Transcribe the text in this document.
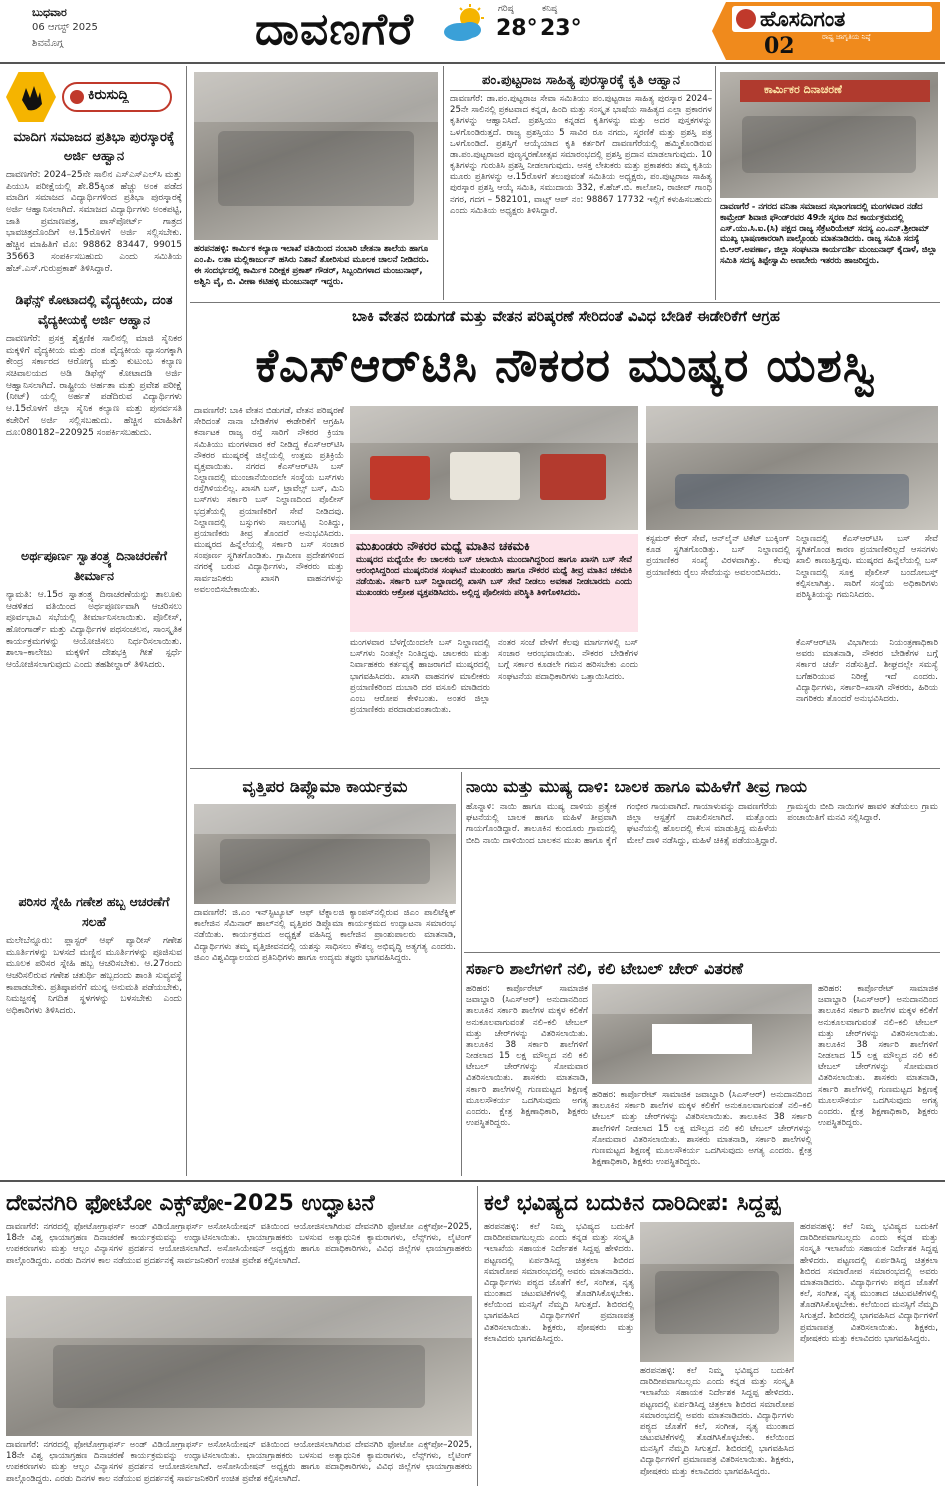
ಬುಧವಾರ
06 ಆಗಸ್ಟ್ 2025
ಶಿವಮೊಗ್ಗ	ದಾವಣಗೆರೆ	ಗರಿಷ್ಠ
28°
ಕನಿಷ್ಠ
23°	ಹೊಸದಿಗಂತ
ರಾಷ್ಟ್ರ ಜಾಗೃತಿಯ ನಿಷ್ಠೆ
02
ಕಿರುಸುದ್ದಿ
ಮಾದಿಗ ಸಮಾಜದ ಪ್ರತಿಭಾ ಪುರಸ್ಕಾರಕ್ಕೆ ಅರ್ಜಿ ಆಹ್ವಾನ
ದಾವಣಗೆರೆ: 2024–25ನೇ ಸಾಲಿನ ಎಸ್ಎಸ್ಎಲ್‌ಸಿ ಮತ್ತು ಪಿಯುಸಿ ಪರೀಕ್ಷೆಯಲ್ಲಿ ಶೇ.85ಕ್ಕಿಂತ ಹೆಚ್ಚು ಅಂಕ ಪಡೆದ ಮಾದಿಗ ಸಮಾಜದ ವಿದ್ಯಾರ್ಥಿಗಳಿಂದ ಪ್ರತಿಭಾ ಪುರಸ್ಕಾರಕ್ಕೆ ಅರ್ಜಿ ಆಹ್ವಾನಿಸಲಾಗಿದೆ. ಸಮಾಜದ ವಿದ್ಯಾರ್ಥಿಗಳು ಅಂಕಪಟ್ಟಿ, ಜಾತಿ ಪ್ರಮಾಣಪತ್ರ, ಪಾಸ್‌ಪೋರ್ಟ್ ಗಾತ್ರದ ಭಾವಚಿತ್ರದೊಂದಿಗೆ ಆ.15ರೊಳಗೆ ಅರ್ಜಿ ಸಲ್ಲಿಸಬೇಕು. ಹೆಚ್ಚಿನ ಮಾಹಿತಿಗೆ ಮೊ: 98862 83447, 99015 35663 ಸಂಪರ್ಕಿಸಬಹುದು ಎಂದು ಸಮಿತಿಯ ಹೆಚ್.ಎಸ್.ಗುರುಪ್ರಕಾಶ್ ತಿಳಿಸಿದ್ದಾರೆ.
ಡಿಫೆನ್ಸ್ ಕೋಟಾದಲ್ಲಿ ವೈದ್ಯಕೀಯ, ದಂತ ವೈದ್ಯಕೀಯಕ್ಕೆ ಅರ್ಜಿ ಆಹ್ವಾನ
ದಾವಣಗೆರೆ: ಪ್ರಸಕ್ತ ಶೈಕ್ಷಣಿಕ ಸಾಲಿನಲ್ಲಿ ಮಾಜಿ ಸೈನಿಕರ ಮಕ್ಕಳಿಗೆ ವೈದ್ಯಕೀಯ ಮತ್ತು ದಂತ ವೈದ್ಯಕೀಯ ವ್ಯಾಸಂಗಕ್ಕಾಗಿ ಕೇಂದ್ರ ಸರ್ಕಾರದ ಆರೋಗ್ಯ ಮತ್ತು ಕುಟುಂಬ ಕಲ್ಯಾಣ ಸಚಿವಾಲಯದ ಅಡಿ ಡಿಫೆನ್ಸ್ ಕೋಟಾದಡಿ ಅರ್ಜಿ ಆಹ್ವಾನಿಸಲಾಗಿದೆ. ರಾಷ್ಟ್ರೀಯ ಅರ್ಹತಾ ಮತ್ತು ಪ್ರವೇಶ ಪರೀಕ್ಷೆ (ನೀಟ್) ಯಲ್ಲಿ ಅರ್ಹತೆ ಪಡೆದಿರುವ ವಿದ್ಯಾರ್ಥಿಗಳು ಆ.15ರೊಳಗೆ ಜಿಲ್ಲಾ ಸೈನಿಕ ಕಲ್ಯಾಣ ಮತ್ತು ಪುನರ್ವಸತಿ ಕಚೇರಿಗೆ ಅರ್ಜಿ ಸಲ್ಲಿಸಬಹುದು. ಹೆಚ್ಚಿನ ಮಾಹಿತಿಗೆ ದೂ:080182–220925 ಸಂಪರ್ಕಿಸಬಹುದು.
ಅರ್ಥಪೂರ್ಣ ಸ್ವಾತಂತ್ರ್ಯ ದಿನಾಚರಣೆಗೆ ತೀರ್ಮಾನ
ನ್ಯಾಮತಿ: ಆ.15ರ ಸ್ವಾತಂತ್ರ್ಯ ದಿನಾಚರಣೆಯನ್ನು ತಾಲೂಕು ಆಡಳಿತದ ವತಿಯಿಂದ ಅರ್ಥಪೂರ್ಣವಾಗಿ ಆಚರಿಸಲು ಪೂರ್ವಭಾವಿ ಸಭೆಯಲ್ಲಿ ತೀರ್ಮಾನಿಸಲಾಯಿತು. ಪೊಲೀಸ್, ಹೋಂಗಾರ್ಡ್ ಮತ್ತು ವಿದ್ಯಾರ್ಥಿಗಳ ಪಥಸಂಚಲನ, ಸಾಂಸ್ಕೃತಿಕ ಕಾರ್ಯಕ್ರಮಗಳನ್ನು ಆಯೋಜಿಸಲು ನಿರ್ಧರಿಸಲಾಯಿತು. ಶಾಲಾ–ಕಾಲೇಜು ಮಕ್ಕಳಿಗೆ ದೇಶಭಕ್ತಿ ಗೀತೆ ಸ್ಪರ್ಧೆ ಆಯೋಜಿಸಲಾಗುವುದು ಎಂದು ತಹಶೀಲ್ದಾರ್ ತಿಳಿಸಿದರು.
ಪರಿಸರ ಸ್ನೇಹಿ ಗಣೇಶ ಹಬ್ಬ ಆಚರಣೆಗೆ ಸಲಹೆ
ಮಲೇಬೆನ್ನೂರು: ಪ್ಲಾಸ್ಟರ್ ಆಫ್ ಪ್ಯಾರೀಸ್ ಗಣೇಶ ಮೂರ್ತಿಗಳನ್ನು ಬಳಸದೆ ಮಣ್ಣಿನ ಮೂರ್ತಿಗಳನ್ನು ಪೂಜಿಸುವ ಮೂಲಕ ಪರಿಸರ ಸ್ನೇಹಿ ಹಬ್ಬ ಆಚರಿಸಬೇಕು. ಆ.27ರಂದು ಆಚರಿಸಲಿರುವ ಗಣೇಶ ಚತುರ್ಥಿ ಹಬ್ಬದಂದು ಶಾಂತಿ ಸುವ್ಯವಸ್ಥೆ ಕಾಪಾಡಬೇಕು. ಪ್ರತಿಷ್ಠಾಪನೆಗೆ ಮುನ್ನ ಅನುಮತಿ ಪಡೆಯಬೇಕು, ನಿಮಜ್ಜನಕ್ಕೆ ನಿಗದಿತ ಸ್ಥಳಗಳನ್ನು ಬಳಸಬೇಕು ಎಂದು ಅಧಿಕಾರಿಗಳು ತಿಳಿಸಿದರು.
ಹರಪನಹಳ್ಳಿ: ಕಾರ್ಮಿಕ ಕಲ್ಯಾಣ ಇಲಾಖೆ ವತಿಯಿಂದ ನಂಬಾರಿ ಚೇತನಾ ಶಾಲೆಯ ಹಾಗೂ ಎಂ.ಪಿ. ಲತಾ ಮಲ್ಲಿಕಾರ್ಜುನ್ ಹಸಿರು ನಿಶಾನೆ ತೋರಿಸುವ ಮೂಲಕ ಚಾಲನೆ ನೀಡಿದರು. ಈ ಸಂದರ್ಭದಲ್ಲಿ ಕಾರ್ಮಿಕ ನಿರೀಕ್ಷಕ ಪ್ರಕಾಶ್ ಗೌಡರ್, ಸಿಬ್ಬಂದಿಗಳಾದ ಮಂಜುನಾಥ್, ಅಶ್ವಿನಿ ವೈ, ಬಿ. ವೀಣಾ ಕಟಿಹಳ್ಳಿ ಮಂಜುನಾಥ್ ಇದ್ದರು.
ಪಂ.ಪುಟ್ಟರಾಜ ಸಾಹಿತ್ಯ ಪುರಸ್ಕಾರಕ್ಕೆ ಕೃತಿ ಆಹ್ವಾನ
ದಾವಣಗೆರೆ: ಡಾ.ಪಂ.ಪುಟ್ಟರಾಜ ಸೇವಾ ಸಮಿತಿಯು ಪಂ.ಪುಟ್ಟರಾಜ ಸಾಹಿತ್ಯ ಪುರಸ್ಕಾರ 2024–25ನೇ ಸಾಲಿನಲ್ಲಿ ಪ್ರಕಟವಾದ ಕನ್ನಡ, ಹಿಂದಿ ಮತ್ತು ಸಂಸ್ಕೃತ ಭಾಷೆಯ ಸಾಹಿತ್ಯದ ಎಲ್ಲಾ ಪ್ರಕಾರಗಳ ಕೃತಿಗಳನ್ನು ಆಹ್ವಾನಿಸಿದೆ. ಪ್ರಶಸ್ತಿಯು ಕನ್ನಡದ ಕೃತಿಗಳನ್ನು ಮತ್ತು ಅದರ ಪುಸ್ತಕಗಳನ್ನು ಒಳಗೊಂಡಿರುತ್ತದೆ. ರಾಜ್ಯ ಪ್ರಶಸ್ತಿಯು 5 ಸಾವಿರ ರೂ ನಗದು, ಸ್ಮರಣಿಕೆ ಮತ್ತು ಪ್ರಶಸ್ತಿ ಪತ್ರ ಒಳಗೊಂಡಿದೆ. ಪ್ರಶಸ್ತಿಗೆ ಆಯ್ಕೆಯಾದ ಕೃತಿ ಕರ್ತರಿಗೆ ದಾವಣಗೆರೆಯಲ್ಲಿ ಹಮ್ಮಿಕೊಂಡಿರುವ ಡಾ.ಪಂ.ಪುಟ್ಟರಾಜರ ಪುಣ್ಯಸ್ಮರಣೋತ್ಸವ ಸಮಾರಂಭದಲ್ಲಿ ಪ್ರಶಸ್ತಿ ಪ್ರದಾನ ಮಾಡಲಾಗುವುದು. 10 ಕೃತಿಗಳನ್ನು ಗುರುತಿಸಿ ಪ್ರಶಸ್ತಿ ನೀಡಲಾಗುವುದು. ಆಸಕ್ತ ಲೇಖಕರು ಮತ್ತು ಪ್ರಕಾಶಕರು ತಮ್ಮ ಕೃತಿಯ ಮೂರು ಪ್ರತಿಗಳನ್ನು ಆ.15ರೊಳಗೆ ತಲುಪುವಂತೆ ಸಮಿತಿಯ ಅಧ್ಯಕ್ಷರು, ಪಂ.ಪುಟ್ಟರಾಜ ಸಾಹಿತ್ಯ ಪುರಸ್ಕಾರ ಪ್ರಶಸ್ತಿ ಆಯ್ಕೆ ಸಮಿತಿ, ಸಮುದಾಯ 332, ಕೆ.ಹೆಚ್.ಬಿ. ಕಾಲೋನಿ, ರಾಜೀವ್ ಗಾಂಧಿ ನಗರ, ಗದಗ – 582101, ವಾಟ್ಸ್ ಆಪ್ ನಂ: 98867 17732 ಇಲ್ಲಿಗೆ ಕಳುಹಿಸಬಹುದು ಎಂದು ಸಮಿತಿಯ ಅಧ್ಯಕ್ಷರು ತಿಳಿಸಿದ್ದಾರೆ.
ಕಾರ್ಮಿಕರ ದಿನಾಚರಣೆ
ದಾವಣಗೆರೆ - ನಗರದ ವನಿತಾ ಸಮಾಜದ ಸಭಾಂಗಣದಲ್ಲಿ ಮಂಗಳವಾರ ನಡೆದ ಕಾಮ್ರೇಡ್ ಶಿವಾಜಿ ಫೌಂಡ್‌ರವರ 49ನೇ ಸ್ಮರಣ ದಿನ ಕಾರ್ಯಕ್ರಮದಲ್ಲಿ ಎಸ್.ಯು.ಸಿ.ಐ.(ಸಿ) ಪಕ್ಷದ ರಾಜ್ಯ ಸೆಕ್ರೆಟರಿಯೇಟ್ ಸದಸ್ಯ ಎಂ.ಎನ್.ಶ್ರೀರಾಮ್ ಮುಖ್ಯ ಭಾಷಣಕಾರರಾಗಿ ಪಾಲ್ಗೊಂಡು ಮಾತನಾಡಿದರು. ರಾಜ್ಯ ಸಮಿತಿ ಸದಸ್ಯೆ ಬಿ.ಆರ್.ಅಪರ್ಣಾ, ಜಿಲ್ಲಾ ಸಂಘಟನಾ ಕಾರ್ಯದರ್ಶಿ ಮಂಜುನಾಥ್ ಕೈದಾಳೆ, ಜಿಲ್ಲಾ ಸಮಿತಿ ಸದಸ್ಯ ತಿಪ್ಪೇಸ್ವಾಮಿ ಅಣಬೇರು ಇತರರು ಹಾಜರಿದ್ದರು.
ಬಾಕಿ ವೇತನ ಬಿಡುಗಡೆ ಮತ್ತು ವೇತನ ಪರಿಷ್ಕರಣೆ ಸೇರಿದಂತೆ ವಿವಿಧ ಬೇಡಿಕೆ ಈಡೇರಿಕೆಗೆ ಆಗ್ರಹ
ಕೆಎಸ್ಆರ್‌ಟಿಸಿ ನೌಕರರ ಮುಷ್ಕರ ಯಶಸ್ವಿ
ದಾವಣಗೆರೆ: ಬಾಕಿ ವೇತನ ಬಿಡುಗಡೆ, ವೇತನ ಪರಿಷ್ಕರಣೆ ಸೇರಿದಂತೆ ನಾನಾ ಬೇಡಿಕೆಗಳ ಈಡೇರಿಕೆಗೆ ಆಗ್ರಹಿಸಿ ಕರ್ನಾಟಕ ರಾಜ್ಯ ರಸ್ತೆ ಸಾರಿಗೆ ನೌಕರರ ಕ್ರಿಯಾ ಸಮಿತಿಯು ಮಂಗಳವಾರ ಕರೆ ನೀಡಿದ್ದ ಕೆಎಸ್ಆರ್‌ಟಿಸಿ ನೌಕರರ ಮುಷ್ಕರಕ್ಕೆ ಜಿಲ್ಲೆಯಲ್ಲಿ ಉತ್ತಮ ಪ್ರತಿಕ್ರಿಯೆ ವ್ಯಕ್ತವಾಯಿತು. ನಗರದ ಕೆಎಸ್ಆರ್‌ಟಿಸಿ ಬಸ್ ನಿಲ್ದಾಣದಲ್ಲಿ ಮುಂಜಾನೆಯಿಂದಲೇ ಸಂಸ್ಥೆಯ ಬಸ್‌ಗಳು ರಸ್ತೆಗಿಳಿಯಲಿಲ್ಲ. ಖಾಸಗಿ ಬಸ್, ಟ್ರಾವೆಲ್ಸ್ ಬಸ್, ಮಿನಿ ಬಸ್‌ಗಳು ಸರ್ಕಾರಿ ಬಸ್ ನಿಲ್ದಾಣದಿಂದ ಪೊಲೀಸ್ ಭದ್ರತೆಯಲ್ಲಿ ಪ್ರಯಾಣಿಕರಿಗೆ ಸೇವೆ ನೀಡಿದವು. ನಿಲ್ದಾಣದಲ್ಲಿ ಬಸ್ಸುಗಳು ಸಾಲುಗಟ್ಟಿ ನಿಂತಿದ್ದು, ಪ್ರಯಾಣಿಕರು ತೀವ್ರ ತೊಂದರೆ ಅನುಭವಿಸಿದರು. ಮುಷ್ಕರದ ಹಿನ್ನೆಲೆಯಲ್ಲಿ ಸರ್ಕಾರಿ ಬಸ್ ಸಂಚಾರ ಸಂಪೂರ್ಣ ಸ್ಥಗಿತಗೊಂಡಿತು. ಗ್ರಾಮೀಣ ಪ್ರದೇಶಗಳಿಂದ ನಗರಕ್ಕೆ ಬರುವ ವಿದ್ಯಾರ್ಥಿಗಳು, ನೌಕರರು ಮತ್ತು ಸಾರ್ವಜನಿಕರು ಖಾಸಗಿ ವಾಹನಗಳನ್ನು ಅವಲಂಬಿಸಬೇಕಾಯಿತು.
ಮುಖಂಡರು ನೌಕರರ ಮಧ್ಯೆ ಮಾತಿನ ಚಕಮಕಿ
ಮುಷ್ಕರದ ಮಧ್ಯೆಯೇ ಕೆಲ ಚಾಲಕರು ಬಸ್ ಚಲಾಯಿಸಿ ಮುಂದಾಗಿದ್ದರಿಂದ ಹಾಗೂ ಖಾಸಗಿ ಬಸ್ ಸೇವೆ ಆರಂಭಿಸಿದ್ದರಿಂದ ಮುಷ್ಕರನಿರತ ಸಂಘಟನೆ ಮುಖಂಡರು ಹಾಗೂ ನೌಕರರ ಮಧ್ಯೆ ತೀವ್ರ ಮಾತಿನ ಚಕಮಕಿ ನಡೆಯಿತು. ಸರ್ಕಾರಿ ಬಸ್ ನಿಲ್ದಾಣದಲ್ಲಿ ಖಾಸಗಿ ಬಸ್ ಸೇವೆ ನೀಡಲು ಅವಕಾಶ ನೀಡಬಾರದು ಎಂದು ಮುಖಂಡರು ಆಕ್ರೋಶ ವ್ಯಕ್ತಪಡಿಸಿದರು. ಅಲ್ಲಿದ್ದ ಪೊಲೀಸರು ಪರಿಸ್ಥಿತಿ ತಿಳಿಗೊಳಿಸಿದರು.
ಮಂಗಳವಾರ ಬೆಳಗ್ಗೆಯಿಂದಲೇ ಬಸ್ ನಿಲ್ದಾಣದಲ್ಲಿ ಬಸ್‌ಗಳು ನಿಂತಲ್ಲೇ ನಿಂತಿದ್ದವು. ಚಾಲಕರು ಮತ್ತು ನಿರ್ವಾಹಕರು ಕರ್ತವ್ಯಕ್ಕೆ ಹಾಜರಾಗದೆ ಮುಷ್ಕರದಲ್ಲಿ ಭಾಗವಹಿಸಿದರು. ಖಾಸಗಿ ವಾಹನಗಳ ಮಾಲೀಕರು ಪ್ರಯಾಣಿಕರಿಂದ ದುಬಾರಿ ದರ ವಸೂಲಿ ಮಾಡಿದರು ಎಂಬ ಆರೋಪ ಕೇಳಿಬಂತು. ಅಂತರ ಜಿಲ್ಲಾ ಪ್ರಯಾಣಿಕರು ಪರದಾಡುವಂತಾಯಿತು.
ನಂತರ ಸಂಜೆ ವೇಳೆಗೆ ಕೆಲವು ಮಾರ್ಗಗಳಲ್ಲಿ ಬಸ್ ಸಂಚಾರ ಆರಂಭವಾಯಿತು. ನೌಕರರ ಬೇಡಿಕೆಗಳ ಬಗ್ಗೆ ಸರ್ಕಾರ ಕೂಡಲೇ ಗಮನ ಹರಿಸಬೇಕು ಎಂದು ಸಂಘಟನೆಯ ಪದಾಧಿಕಾರಿಗಳು ಒತ್ತಾಯಿಸಿದರು.
ಕಸ್ಟಮರ್ ಕೇರ್ ಸೇವೆ, ಆನ್‌ಲೈನ್ ಟಿಕೆಟ್ ಬುಕ್ಕಿಂಗ್ ಕೂಡ ಸ್ಥಗಿತಗೊಂಡಿತ್ತು. ಬಸ್ ನಿಲ್ದಾಣದಲ್ಲಿ ಪ್ರಯಾಣಿಕರ ಸಂಖ್ಯೆ ವಿರಳವಾಗಿತ್ತು. ಕೆಲವು ಪ್ರಯಾಣಿಕರು ರೈಲು ಸೇವೆಯನ್ನು ಅವಲಂಬಿಸಿದರು.
ನಿಲ್ದಾಣದಲ್ಲಿ ಕೆಎಸ್ಆರ್‌ಟಿಸಿ ಬಸ್ ಸೇವೆ ಸ್ಥಗಿತಗೊಂಡ ಕಾರಣ ಪ್ರಯಾಣಿಕರಿಲ್ಲದೆ ಆಸನಗಳು ಖಾಲಿ ಕಾಣುತ್ತಿದ್ದವು. ಮುಷ್ಕರದ ಹಿನ್ನೆಲೆಯಲ್ಲಿ ಬಸ್ ನಿಲ್ದಾಣದಲ್ಲಿ ಸೂಕ್ತ ಪೊಲೀಸ್ ಬಂದೋಬಸ್ತ್ ಕಲ್ಪಿಸಲಾಗಿತ್ತು. ಸಾರಿಗೆ ಸಂಸ್ಥೆಯ ಅಧಿಕಾರಿಗಳು ಪರಿಸ್ಥಿತಿಯನ್ನು ಗಮನಿಸಿದರು.
ಕೆಎಸ್ಆರ್‌ಟಿಸಿ ವಿಭಾಗೀಯ ನಿಯಂತ್ರಣಾಧಿಕಾರಿ ಅವರು ಮಾತನಾಡಿ, ನೌಕರರ ಬೇಡಿಕೆಗಳ ಬಗ್ಗೆ ಸರ್ಕಾರ ಚರ್ಚೆ ನಡೆಸುತ್ತಿದೆ. ಶೀಘ್ರದಲ್ಲೇ ಸಮಸ್ಯೆ ಬಗೆಹರಿಯುವ ನಿರೀಕ್ಷೆ ಇದೆ ಎಂದರು. ವಿದ್ಯಾರ್ಥಿಗಳು, ಸರ್ಕಾರಿ–ಖಾಸಗಿ ನೌಕರರು, ಹಿರಿಯ ನಾಗರಿಕರು ತೊಂದರೆ ಅನುಭವಿಸಿದರು.
ವೃತ್ತಿಪರ ಡಿಪ್ಲೊಮಾ ಕಾರ್ಯಕ್ರಮ
ದಾವಣಗೆರೆ: ಜಿ.ಎಂ ಇನ್‌ಸ್ಟಿಟ್ಯೂಟ್ ಆಫ್ ಟೆಕ್ನಾಲಜಿ ಕ್ಯಾಂಪಸ್‌ನಲ್ಲಿರುವ ಜಿಎಂ ಪಾಲಿಟೆಕ್ನಿಕ್ ಕಾಲೇಜಿನ ಸೆಮಿನಾರ್ ಹಾಲ್‌ನಲ್ಲಿ ವೃತ್ತಿಪರ ಡಿಪ್ಲೊಮಾ ಕಾರ್ಯಕ್ರಮದ ಉದ್ಘಾಟನಾ ಸಮಾರಂಭ ನಡೆಯಿತು. ಕಾರ್ಯಕ್ರಮದ ಅಧ್ಯಕ್ಷತೆ ವಹಿಸಿದ್ದ ಕಾಲೇಜಿನ ಪ್ರಾಂಶುಪಾಲರು ಮಾತನಾಡಿ, ವಿದ್ಯಾರ್ಥಿಗಳು ತಮ್ಮ ವೃತ್ತಿಜೀವನದಲ್ಲಿ ಯಶಸ್ಸು ಸಾಧಿಸಲು ಕೌಶಲ್ಯ ಅಭಿವೃದ್ಧಿ ಅತ್ಯಗತ್ಯ ಎಂದರು. ಜಿಎಂ ವಿಶ್ವವಿದ್ಯಾಲಯದ ಪ್ರತಿನಿಧಿಗಳು ಹಾಗೂ ಉದ್ಯಮ ತಜ್ಞರು ಭಾಗವಹಿಸಿದ್ದರು.
ನಾಯಿ ಮತ್ತು ಮುಷ್ಯ ದಾಳಿ: ಬಾಲಕ ಹಾಗೂ ಮಹಿಳೆಗೆ ತೀವ್ರ ಗಾಯ
ಹೊನ್ನಾಳಿ: ನಾಯಿ ಹಾಗೂ ಮುಷ್ಯ ದಾಳಿಯ ಪ್ರತ್ಯೇಕ ಘಟನೆಯಲ್ಲಿ ಬಾಲಕ ಹಾಗೂ ಮಹಿಳೆ ತೀವ್ರವಾಗಿ ಗಾಯಗೊಂಡಿದ್ದಾರೆ. ತಾಲೂಕಿನ ಕುಂದೂರು ಗ್ರಾಮದಲ್ಲಿ ಬೀದಿ ನಾಯಿ ದಾಳಿಯಿಂದ ಬಾಲಕನ ಮುಖ ಹಾಗೂ ಕೈಗೆ ಗಂಭೀರ ಗಾಯವಾಗಿದೆ. ಗಾಯಾಳುವನ್ನು ದಾವಣಗೆರೆಯ ಜಿಲ್ಲಾ ಆಸ್ಪತ್ರೆಗೆ ದಾಖಲಿಸಲಾಗಿದೆ. ಮತ್ತೊಂದು ಘಟನೆಯಲ್ಲಿ ಹೊಲದಲ್ಲಿ ಕೆಲಸ ಮಾಡುತ್ತಿದ್ದ ಮಹಿಳೆಯ ಮೇಲೆ ದಾಳಿ ನಡೆಸಿದ್ದು, ಮಹಿಳೆ ಚಿಕಿತ್ಸೆ ಪಡೆಯುತ್ತಿದ್ದಾರೆ. ಗ್ರಾಮಸ್ಥರು ಬೀದಿ ನಾಯಿಗಳ ಹಾವಳಿ ತಡೆಯಲು ಗ್ರಾಮ ಪಂಚಾಯಿತಿಗೆ ಮನವಿ ಸಲ್ಲಿಸಿದ್ದಾರೆ.
ಸರ್ಕಾರಿ ಶಾಲೆಗಳಿಗೆ ನಲಿ, ಕಲಿ ಟೇಬಲ್ ಚೇರ್ ವಿತರಣೆ
ಹರಿಹರ: ಕಾರ್ಪೊರೇಟ್ ಸಾಮಾಜಿಕ ಜವಾಬ್ದಾರಿ (ಸಿಎಸ್ಆರ್) ಅನುದಾನದಿಂದ ತಾಲೂಕಿನ ಸರ್ಕಾರಿ ಶಾಲೆಗಳ ಮಕ್ಕಳ ಕಲಿಕೆಗೆ ಅನುಕೂಲವಾಗುವಂತೆ ನಲಿ–ಕಲಿ ಟೇಬಲ್ ಮತ್ತು ಚೇರ್‌ಗಳನ್ನು ವಿತರಿಸಲಾಯಿತು. ತಾಲೂಕಿನ 38 ಸರ್ಕಾರಿ ಶಾಲೆಗಳಿಗೆ ನೀಡಲಾದ 15 ಲಕ್ಷ ಮೌಲ್ಯದ ನಲಿ ಕಲಿ ಟೇಬಲ್ ಚೇರ್‌ಗಳನ್ನು ಸೋಮವಾರ ವಿತರಿಸಲಾಯಿತು. ಶಾಸಕರು ಮಾತನಾಡಿ, ಸರ್ಕಾರಿ ಶಾಲೆಗಳಲ್ಲಿ ಗುಣಮಟ್ಟದ ಶಿಕ್ಷಣಕ್ಕೆ ಮೂಲಸೌಕರ್ಯ ಒದಗಿಸುವುದು ಅಗತ್ಯ ಎಂದರು. ಕ್ಷೇತ್ರ ಶಿಕ್ಷಣಾಧಿಕಾರಿ, ಶಿಕ್ಷಕರು ಉಪಸ್ಥಿತರಿದ್ದರು.
ಹರಿಹರ: ಕಾರ್ಪೊರೇಟ್ ಸಾಮಾಜಿಕ ಜವಾಬ್ದಾರಿ (ಸಿಎಸ್ಆರ್) ಅನುದಾನದಿಂದ ತಾಲೂಕಿನ ಸರ್ಕಾರಿ ಶಾಲೆಗಳ ಮಕ್ಕಳ ಕಲಿಕೆಗೆ ಅನುಕೂಲವಾಗುವಂತೆ ನಲಿ–ಕಲಿ ಟೇಬಲ್ ಮತ್ತು ಚೇರ್‌ಗಳನ್ನು ವಿತರಿಸಲಾಯಿತು. ತಾಲೂಕಿನ 38 ಸರ್ಕಾರಿ ಶಾಲೆಗಳಿಗೆ ನೀಡಲಾದ 15 ಲಕ್ಷ ಮೌಲ್ಯದ ನಲಿ ಕಲಿ ಟೇಬಲ್ ಚೇರ್‌ಗಳನ್ನು ಸೋಮವಾರ ವಿತರಿಸಲಾಯಿತು. ಶಾಸಕರು ಮಾತನಾಡಿ, ಸರ್ಕಾರಿ ಶಾಲೆಗಳಲ್ಲಿ ಗುಣಮಟ್ಟದ ಶಿಕ್ಷಣಕ್ಕೆ ಮೂಲಸೌಕರ್ಯ ಒದಗಿಸುವುದು ಅಗತ್ಯ ಎಂದರು. ಕ್ಷೇತ್ರ ಶಿಕ್ಷಣಾಧಿಕಾರಿ, ಶಿಕ್ಷಕರು ಉಪಸ್ಥಿತರಿದ್ದರು.
ಹರಿಹರ: ಕಾರ್ಪೊರೇಟ್ ಸಾಮಾಜಿಕ ಜವಾಬ್ದಾರಿ (ಸಿಎಸ್ಆರ್) ಅನುದಾನದಿಂದ ತಾಲೂಕಿನ ಸರ್ಕಾರಿ ಶಾಲೆಗಳ ಮಕ್ಕಳ ಕಲಿಕೆಗೆ ಅನುಕೂಲವಾಗುವಂತೆ ನಲಿ–ಕಲಿ ಟೇಬಲ್ ಮತ್ತು ಚೇರ್‌ಗಳನ್ನು ವಿತರಿಸಲಾಯಿತು. ತಾಲೂಕಿನ 38 ಸರ್ಕಾರಿ ಶಾಲೆಗಳಿಗೆ ನೀಡಲಾದ 15 ಲಕ್ಷ ಮೌಲ್ಯದ ನಲಿ ಕಲಿ ಟೇಬಲ್ ಚೇರ್‌ಗಳನ್ನು ಸೋಮವಾರ ವಿತರಿಸಲಾಯಿತು. ಶಾಸಕರು ಮಾತನಾಡಿ, ಸರ್ಕಾರಿ ಶಾಲೆಗಳಲ್ಲಿ ಗುಣಮಟ್ಟದ ಶಿಕ್ಷಣಕ್ಕೆ ಮೂಲಸೌಕರ್ಯ ಒದಗಿಸುವುದು ಅಗತ್ಯ ಎಂದರು. ಕ್ಷೇತ್ರ ಶಿಕ್ಷಣಾಧಿಕಾರಿ, ಶಿಕ್ಷಕರು ಉಪಸ್ಥಿತರಿದ್ದರು.
ದೇವನಗಿರಿ ಫೋಟೋ ಎಕ್ಸ್‌ಪೋ-2025 ಉದ್ಘಾಟನೆ
ದಾವಣಗೆರೆ: ನಗರದಲ್ಲಿ ಫೋಟೋಗ್ರಾಫರ್ಸ್ ಅಂಡ್ ವಿಡಿಯೋಗ್ರಾಫರ್ಸ್ ಅಸೋಸಿಯೇಷನ್ ವತಿಯಿಂದ ಆಯೋಜಿಸಲಾಗಿರುವ ದೇವನಗಿರಿ ಫೋಟೋ ಎಕ್ಸ್‌ಪೋ–2025, 18ನೇ ವಿಶ್ವ ಛಾಯಾಗ್ರಹಣ ದಿನಾಚರಣೆ ಕಾರ್ಯಕ್ರಮವನ್ನು ಉದ್ಘಾಟಿಸಲಾಯಿತು. ಛಾಯಾಗ್ರಾಹಕರು ಬಳಸುವ ಅತ್ಯಾಧುನಿಕ ಕ್ಯಾಮರಾಗಳು, ಲೆನ್ಸ್‌ಗಳು, ಲೈಟಿಂಗ್ ಉಪಕರಣಗಳು ಮತ್ತು ಆಲ್ಬಂ ವಿನ್ಯಾಸಗಳ ಪ್ರದರ್ಶನ ಆಯೋಜಿಸಲಾಗಿದೆ. ಅಸೋಸಿಯೇಷನ್ ಅಧ್ಯಕ್ಷರು ಹಾಗೂ ಪದಾಧಿಕಾರಿಗಳು, ವಿವಿಧ ಜಿಲ್ಲೆಗಳ ಛಾಯಾಗ್ರಾಹಕರು ಪಾಲ್ಗೊಂಡಿದ್ದರು. ಎರಡು ದಿನಗಳ ಕಾಲ ನಡೆಯುವ ಪ್ರದರ್ಶನಕ್ಕೆ ಸಾರ್ವಜನಿಕರಿಗೆ ಉಚಿತ ಪ್ರವೇಶ ಕಲ್ಪಿಸಲಾಗಿದೆ.
ದಾವಣಗೆರೆ: ನಗರದಲ್ಲಿ ಫೋಟೋಗ್ರಾಫರ್ಸ್ ಅಂಡ್ ವಿಡಿಯೋಗ್ರಾಫರ್ಸ್ ಅಸೋಸಿಯೇಷನ್ ವತಿಯಿಂದ ಆಯೋಜಿಸಲಾಗಿರುವ ದೇವನಗಿರಿ ಫೋಟೋ ಎಕ್ಸ್‌ಪೋ–2025, 18ನೇ ವಿಶ್ವ ಛಾಯಾಗ್ರಹಣ ದಿನಾಚರಣೆ ಕಾರ್ಯಕ್ರಮವನ್ನು ಉದ್ಘಾಟಿಸಲಾಯಿತು. ಛಾಯಾಗ್ರಾಹಕರು ಬಳಸುವ ಅತ್ಯಾಧುನಿಕ ಕ್ಯಾಮರಾಗಳು, ಲೆನ್ಸ್‌ಗಳು, ಲೈಟಿಂಗ್ ಉಪಕರಣಗಳು ಮತ್ತು ಆಲ್ಬಂ ವಿನ್ಯಾಸಗಳ ಪ್ರದರ್ಶನ ಆಯೋಜಿಸಲಾಗಿದೆ. ಅಸೋಸಿಯೇಷನ್ ಅಧ್ಯಕ್ಷರು ಹಾಗೂ ಪದಾಧಿಕಾರಿಗಳು, ವಿವಿಧ ಜಿಲ್ಲೆಗಳ ಛಾಯಾಗ್ರಾಹಕರು ಪಾಲ್ಗೊಂಡಿದ್ದರು. ಎರಡು ದಿನಗಳ ಕಾಲ ನಡೆಯುವ ಪ್ರದರ್ಶನಕ್ಕೆ ಸಾರ್ವಜನಿಕರಿಗೆ ಉಚಿತ ಪ್ರವೇಶ ಕಲ್ಪಿಸಲಾಗಿದೆ.
ಕಲೆ ಭವಿಷ್ಯದ ಬದುಕಿನ ದಾರಿದೀಪ: ಸಿದ್ದಪ್ಪ
ಹರಪನಹಳ್ಳಿ: ಕಲೆ ನಿಮ್ಮ ಭವಿಷ್ಯದ ಬದುಕಿಗೆ ದಾರಿದೀಪವಾಗಬಲ್ಲದು ಎಂದು ಕನ್ನಡ ಮತ್ತು ಸಂಸ್ಕೃತಿ ಇಲಾಖೆಯ ಸಹಾಯಕ ನಿರ್ದೇಶಕ ಸಿದ್ದಪ್ಪ ಹೇಳಿದರು. ಪಟ್ಟಣದಲ್ಲಿ ಏರ್ಪಡಿಸಿದ್ದ ಚಿತ್ರಕಲಾ ಶಿಬಿರದ ಸಮಾರೋಪ ಸಮಾರಂಭದಲ್ಲಿ ಅವರು ಮಾತನಾಡಿದರು. ವಿದ್ಯಾರ್ಥಿಗಳು ಪಠ್ಯದ ಜೊತೆಗೆ ಕಲೆ, ಸಂಗೀತ, ನೃತ್ಯ ಮುಂತಾದ ಚಟುವಟಿಕೆಗಳಲ್ಲಿ ತೊಡಗಿಸಿಕೊಳ್ಳಬೇಕು. ಕಲೆಯಿಂದ ಮನಸ್ಸಿಗೆ ನೆಮ್ಮದಿ ಸಿಗುತ್ತದೆ. ಶಿಬಿರದಲ್ಲಿ ಭಾಗವಹಿಸಿದ ವಿದ್ಯಾರ್ಥಿಗಳಿಗೆ ಪ್ರಮಾಣಪತ್ರ ವಿತರಿಸಲಾಯಿತು. ಶಿಕ್ಷಕರು, ಪೋಷಕರು ಮತ್ತು ಕಲಾವಿದರು ಭಾಗವಹಿಸಿದ್ದರು.
ಹರಪನಹಳ್ಳಿ: ಕಲೆ ನಿಮ್ಮ ಭವಿಷ್ಯದ ಬದುಕಿಗೆ ದಾರಿದೀಪವಾಗಬಲ್ಲದು ಎಂದು ಕನ್ನಡ ಮತ್ತು ಸಂಸ್ಕೃತಿ ಇಲಾಖೆಯ ಸಹಾಯಕ ನಿರ್ದೇಶಕ ಸಿದ್ದಪ್ಪ ಹೇಳಿದರು. ಪಟ್ಟಣದಲ್ಲಿ ಏರ್ಪಡಿಸಿದ್ದ ಚಿತ್ರಕಲಾ ಶಿಬಿರದ ಸಮಾರೋಪ ಸಮಾರಂಭದಲ್ಲಿ ಅವರು ಮಾತನಾಡಿದರು. ವಿದ್ಯಾರ್ಥಿಗಳು ಪಠ್ಯದ ಜೊತೆಗೆ ಕಲೆ, ಸಂಗೀತ, ನೃತ್ಯ ಮುಂತಾದ ಚಟುವಟಿಕೆಗಳಲ್ಲಿ ತೊಡಗಿಸಿಕೊಳ್ಳಬೇಕು. ಕಲೆಯಿಂದ ಮನಸ್ಸಿಗೆ ನೆಮ್ಮದಿ ಸಿಗುತ್ತದೆ. ಶಿಬಿರದಲ್ಲಿ ಭಾಗವಹಿಸಿದ ವಿದ್ಯಾರ್ಥಿಗಳಿಗೆ ಪ್ರಮಾಣಪತ್ರ ವಿತರಿಸಲಾಯಿತು. ಶಿಕ್ಷಕರು, ಪೋಷಕರು ಮತ್ತು ಕಲಾವಿದರು ಭಾಗವಹಿಸಿದ್ದರು.
ಹರಪನಹಳ್ಳಿ: ಕಲೆ ನಿಮ್ಮ ಭವಿಷ್ಯದ ಬದುಕಿಗೆ ದಾರಿದೀಪವಾಗಬಲ್ಲದು ಎಂದು ಕನ್ನಡ ಮತ್ತು ಸಂಸ್ಕೃತಿ ಇಲಾಖೆಯ ಸಹಾಯಕ ನಿರ್ದೇಶಕ ಸಿದ್ದಪ್ಪ ಹೇಳಿದರು. ಪಟ್ಟಣದಲ್ಲಿ ಏರ್ಪಡಿಸಿದ್ದ ಚಿತ್ರಕಲಾ ಶಿಬಿರದ ಸಮಾರೋಪ ಸಮಾರಂಭದಲ್ಲಿ ಅವರು ಮಾತನಾಡಿದರು. ವಿದ್ಯಾರ್ಥಿಗಳು ಪಠ್ಯದ ಜೊತೆಗೆ ಕಲೆ, ಸಂಗೀತ, ನೃತ್ಯ ಮುಂತಾದ ಚಟುವಟಿಕೆಗಳಲ್ಲಿ ತೊಡಗಿಸಿಕೊಳ್ಳಬೇಕು. ಕಲೆಯಿಂದ ಮನಸ್ಸಿಗೆ ನೆಮ್ಮದಿ ಸಿಗುತ್ತದೆ. ಶಿಬಿರದಲ್ಲಿ ಭಾಗವಹಿಸಿದ ವಿದ್ಯಾರ್ಥಿಗಳಿಗೆ ಪ್ರಮಾಣಪತ್ರ ವಿತರಿಸಲಾಯಿತು. ಶಿಕ್ಷಕರು, ಪೋಷಕರು ಮತ್ತು ಕಲಾವಿದರು ಭಾಗವಹಿಸಿದ್ದರು.
